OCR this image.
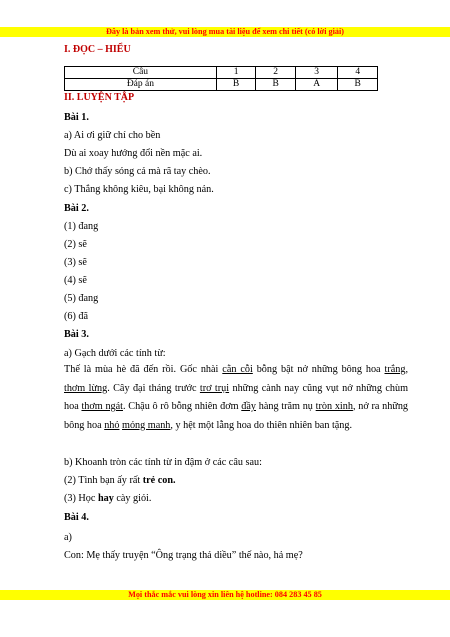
Đây là bản xem thử, vui lòng mua tài liệu để xem chi tiết (có lời giải)

I. ĐỌC – HIỂU

Câu	1	2	3	4
Đáp án	B	B	A	B

II. LUYỆN TẬP

Bài 1.
a) Ai ơi giữ chí cho bền
Dù ai xoay hướng đổi nền mặc ai.
b) Chớ thấy sóng cả mà rã tay chèo.
c) Thắng không kiêu, bại không nản.
Bài 2.
(1) đang
(2) sẽ
(3) sẽ
(4) sẽ
(5) đang
(6) đã
Bài 3.
a) Gạch dưới các tính từ:
Thế là mùa hè đã đến rồi. Gốc nhài cằn cỗi bỗng bật nở những bông hoa trắng, thơm lừng. Cây đại tháng trước trơ trụi những cành nay cũng vụt nở những chùm hoa thơm ngát. Chậu ô rô bỗng nhiên đơm đầy hàng trăm nụ tròn xinh, nở ra những bông hoa nhỏ mỏng manh, y hệt một lẵng hoa do thiên nhiên ban tặng.
b) Khoanh tròn các tính từ in đậm ở các câu sau:
(2) Tình bạn ấy rất trẻ con.
(3) Học hay cày giỏi.
Bài 4.
a)
Con: Mẹ thấy truyện “Ông trạng thả diều” thế nào, hả mẹ?
Mọi thắc mắc vui lòng xin liên hệ hotline: 084 283 45 85
